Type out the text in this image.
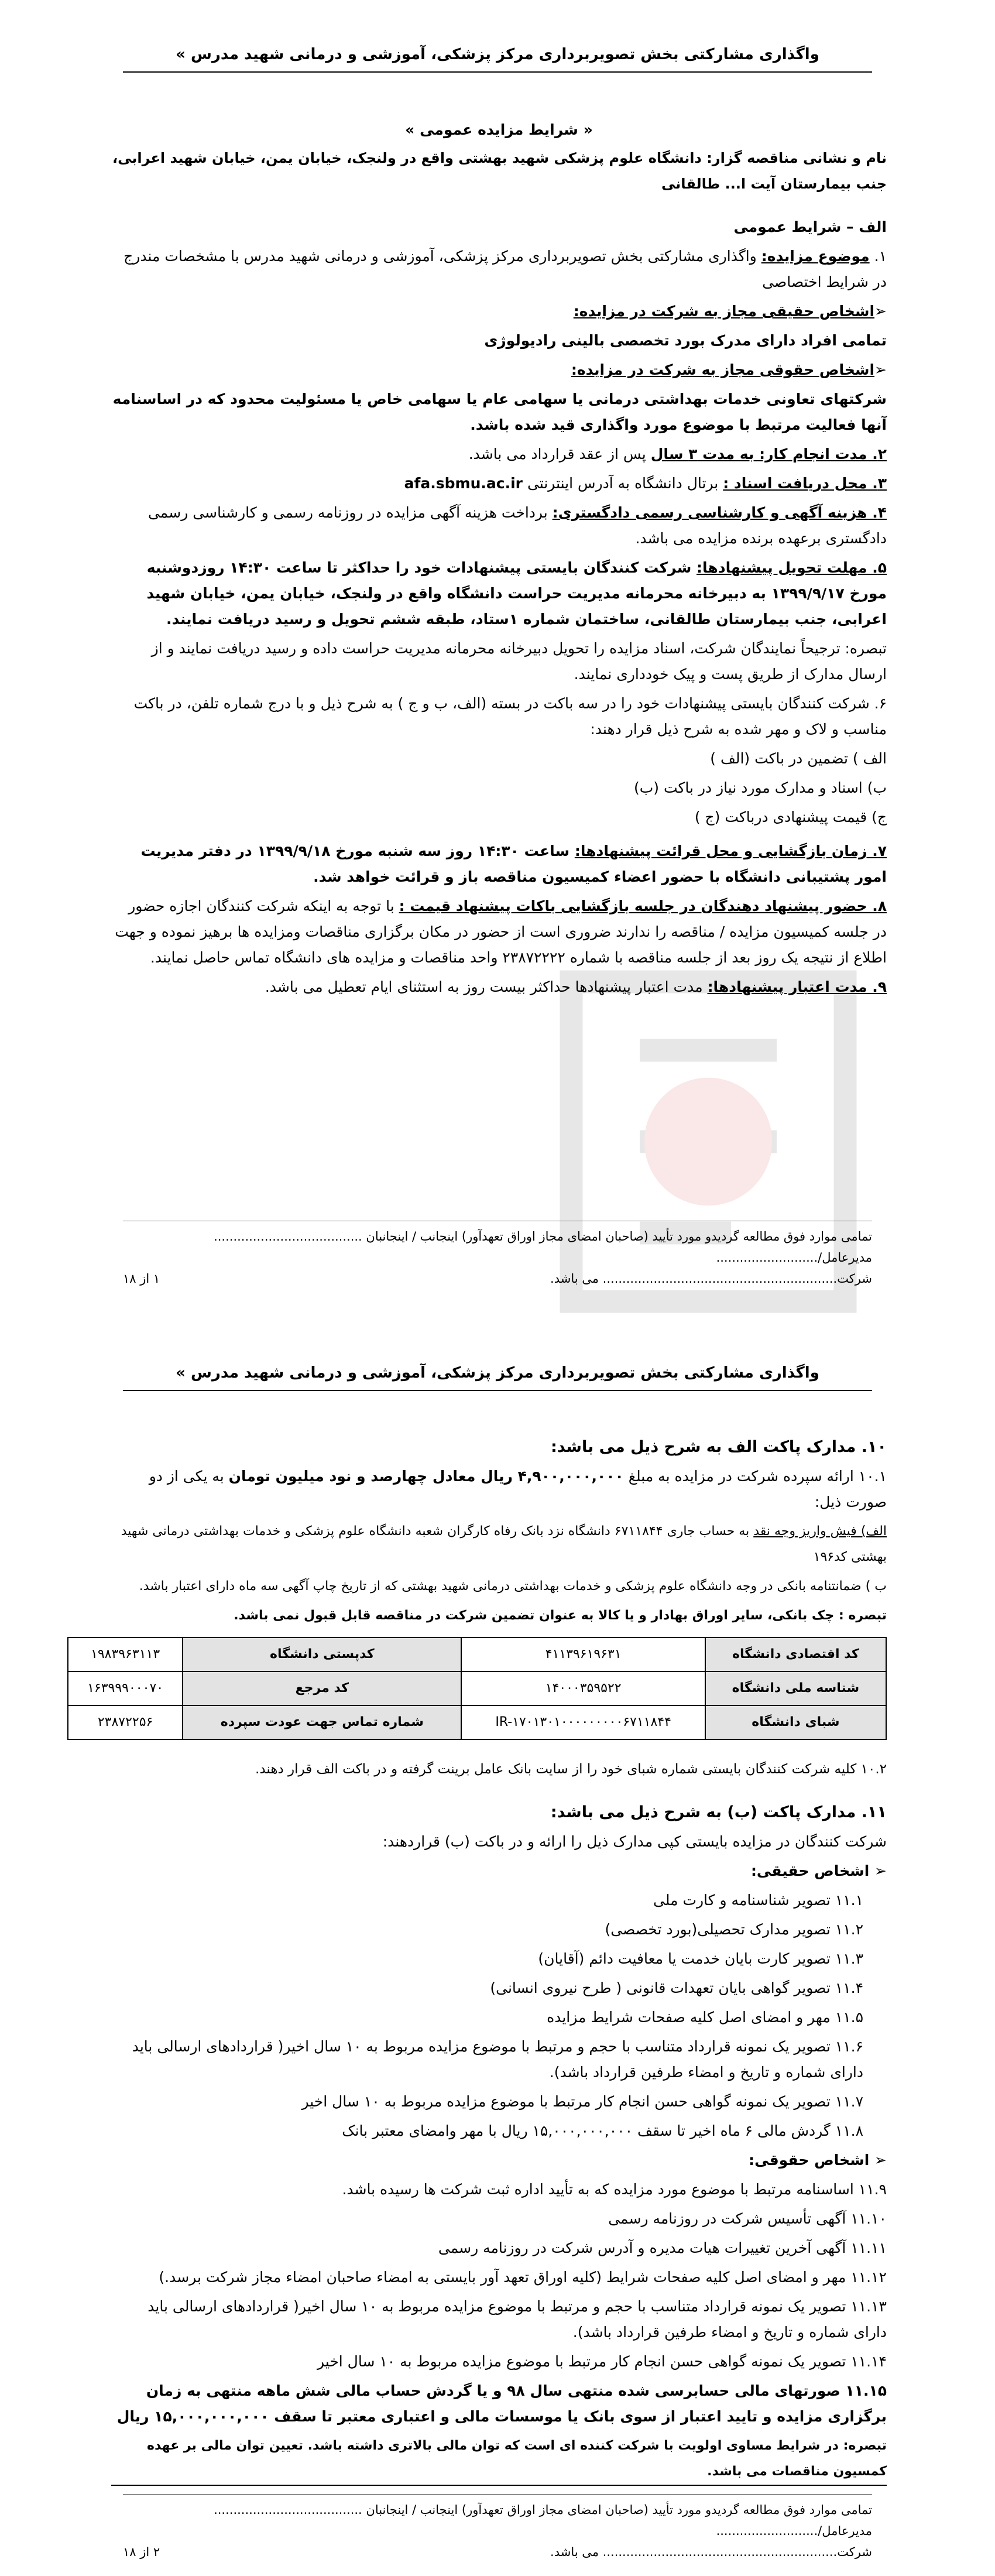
واگذاری مشارکتی بخش تصویربرداری مرکز پزشکی، آموزشی و درمانی شهید مدرس »

« شرایط مزایده عمومی »

نام و نشانی مناقصه گزار: دانشگاه علوم پزشکی شهید بهشتی واقع در ولنجک، خیابان یمن، خیابان شهید اعرابی، جنب بیمارستان آیت ا... طالقانی

الف – شرایط عمومی

۱. موضوع مزایده: واگذاری مشارکتی بخش تصویربرداری مرکز پزشکی، آموزشی و درمانی شهید مدرس با مشخصات مندرج در شرایط اختصاصی

➢اشخاص حقیقی مجاز به شرکت در مزایده:

تمامی افراد دارای مدرک بورد تخصصی بالینی رادیولوژی

➢اشخاص حقوقی مجاز به شرکت در مزایده:

شرکتهای تعاونی خدمات بهداشتی درمانی یا سهامی عام یا سهامی خاص یا مسئولیت محدود که در اساسنامه آنها فعالیت مرتبط با موضوع مورد واگذاری قید شده باشد.

۲. مدت انجام کار: به مدت ۳ سال پس از عقد قرارداد می باشد.

۳. محل دریافت اسناد : برتال دانشگاه به آدرس اینترنتی afa.sbmu.ac.ir

۴. هزینه آگهی و کارشناسی رسمی دادگستری: برداخت هزینه آگهی مزایده در روزنامه رسمی و کارشناسی رسمی دادگستری برعهده برنده مزایده می باشد.

۵. مهلت تحویل پیشنهادها: شرکت کنندگان بایستی پیشنهادات خود را حداکثر تا ساعت ۱۴:۳۰ روزدوشنبه مورخ ۱۳۹۹/۹/۱۷ به دبیرخانه محرمانه مدیریت حراست دانشگاه واقع در ولنجک، خیابان یمن، خیابان شهید اعرابی، جنب بیمارستان طالقانی، ساختمان شماره ۱ستاد، طبقه ششم تحویل و رسید دریافت نمایند.

تبصره: ترجیحاً نمایندگان شرکت، اسناد مزایده را تحویل دبیرخانه محرمانه مدیریت حراست داده و رسید دریافت نمایند و از ارسال مدارک از طریق پست و پیک خودداری نمایند.

۶. شرکت کنندگان بایستی پیشنهادات خود را در سه باکت در بسته (الف، ب و ج ) به شرح ذیل و با درج شماره تلفن، در باکت مناسب و لاک و مهر شده به شرح ذیل قرار دهند:

الف ) تضمین در باکت (الف )

ب) اسناد و مدارک مورد نیاز در باکت (ب)

ج) قیمت پیشنهادی درباکت (ج )

۷. زمان بازگشایی و محل قرائت پیشنهادها: ساعت ۱۴:۳۰ روز سه شنبه مورخ ۱۳۹۹/۹/۱۸ در دفتر مدیریت امور پشتیبانی دانشگاه با حضور اعضاء کمیسیون مناقصه باز و قرائت خواهد شد.

۸. حضور پیشنهاد دهندگان در جلسه بازگشایی باکات پیشنهاد قیمت : با توجه به اینکه شرکت کنندگان اجازه حضور در جلسه کمیسیون مزایده / مناقصه را ندارند ضروری است از حضور در مکان برگزاری مناقصات ومزایده ها برهیز نموده و جهت اطلاع از نتیجه یک روز بعد از جلسه مناقصه با شماره ۲۳۸۷۲۲۲۲ واحد مناقصات و مزایده های دانشگاه تماس حاصل نمایند.

۹. مدت اعتبار پیشنهادها: مدت اعتبار پیشنهادها حداکثر بیست روز به استثنای ایام تعطیل می باشد.

تمامی موارد فوق مطالعه گردیدو مورد تأیید (صاحبان امضای مجاز اوراق تعهدآور) اینجانب / اینجانبان ...................................... مدیرعامل/..........................
شرکت............................................................ می باشد.
۱ از ۱۸
واگذاری مشارکتی بخش تصویربرداری مرکز پزشکی، آموزشی و درمانی شهید مدرس »

۱۰. مدارک پاکت الف به شرح ذیل می باشد:

۱۰.۱ ارائه سپرده شرکت در مزایده به مبلغ ۴,۹۰۰,۰۰۰,۰۰۰ ریال معادل چهارصد و نود میلیون تومان به یکی از دو صورت ذیل:

الف) فیش واریز وجه نقد به حساب جاری ۶۷۱۱۸۴۴ دانشگاه نزد بانک رفاه کارگران شعبه دانشگاه علوم پزشکی و خدمات بهداشتی درمانی شهید بهشتی کد۱۹۶

ب ) ضمانتنامه بانکی در وجه دانشگاه علوم پزشکی و خدمات بهداشتی درمانی شهید بهشتی که از تاریخ چاپ آگهی سه ماه دارای اعتبار باشد.

تبصره : چک بانکی، سایر اوراق بهادار و یا کالا به عنوان تضمین شرکت در مناقصه قابل قبول نمی باشد.

کد اقتصادی دانشگاه	۴۱۱۳۹۶۱۹۶۳۱	کدپستی دانشگاه	۱۹۸۳۹۶۳۱۱۳
شناسه ملی دانشگاه	۱۴۰۰۰۳۵۹۵۲۲	کد مرجع	۱۶۳۹۹۹۰۰۰۷۰
شبای دانشگاه	IR-۱۷۰۱۳۰۱۰۰۰۰۰۰۰۰۰۶۷۱۱۸۴۴	شماره تماس جهت عودت سپرده	۲۳۸۷۲۲۵۶

۱۰.۲ کلیه شرکت کنندگان بایستی شماره شبای خود را از سایت بانک عامل برینت گرفته و در باکت الف قرار دهند.

۱۱. مدارک پاکت (ب) به شرح ذیل می باشد:

شرکت کنندگان در مزایده بایستی کپی مدارک ذیل را ارائه و در باکت (ب) قراردهند:

➢ اشخاص حقیقی:

۱۱.۱ تصویر شناسنامه و کارت ملی

۱۱.۲ تصویر مدارک تحصیلی(بورد تخصصی)

۱۱.۳ تصویر کارت بایان خدمت یا معافیت دائم (آقایان)

۱۱.۴ تصویر گواهی بایان تعهدات قانونی ( طرح نیروی انسانی)

۱۱.۵ مهر و امضای اصل کلیه صفحات شرایط مزایده

۱۱.۶ تصویر یک نمونه قرارداد متناسب با حجم و مرتبط با موضوع مزایده مربوط به ۱۰ سال اخیر( قراردادهای ارسالی باید دارای شماره و تاریخ و امضاء طرفین قرارداد باشد).

۱۱.۷ تصویر یک نمونه گواهی حسن انجام کار مرتبط با موضوع مزایده مربوط به ۱۰ سال اخیر

۱۱.۸ گردش مالی ۶ ماه اخیر تا سقف ۱۵,۰۰۰,۰۰۰,۰۰۰ ریال با مهر وامضای معتبر بانک

➢ اشخاص حقوقی:

۱۱.۹ اساسنامه مرتبط با موضوع مورد مزایده که به تأیید اداره ثبت شرکت ها رسیده باشد.

۱۱.۱۰ آگهی تأسیس شرکت در روزنامه رسمی

۱۱.۱۱ آگهی آخرین تغییرات هیات مدیره و آدرس شرکت در روزنامه رسمی

۱۱.۱۲ مهر و امضای اصل کلیه صفحات شرایط (کلیه اوراق تعهد آور بایستی به امضاء صاحبان امضاء مجاز شرکت برسد.)

۱۱.۱۳ تصویر یک نمونه قرارداد متناسب با حجم و مرتبط با موضوع مزایده مربوط به ۱۰ سال اخیر( قراردادهای ارسالی باید دارای شماره و تاریخ و امضاء طرفین قرارداد باشد).

۱۱.۱۴ تصویر یک نمونه گواهی حسن انجام کار مرتبط با موضوع مزایده مربوط به ۱۰ سال اخیر

۱۱.۱۵ صورتهای مالی حسابرسی شده منتهی سال ۹۸ و یا گردش حساب مالی شش ماهه منتهی به زمان برگزاری مزایده و تایید اعتبار از سوی بانک یا موسسات مالی و اعتباری معتبر تا سقف ۱۵,۰۰۰,۰۰۰,۰۰۰ ریال

تبصره: در شرایط مساوی اولویت با شرکت کننده ای است که توان مالی بالاتری داشته باشد. تعیین توان مالی بر عهده کمسیون مناقصات می باشد.

تمامی موارد فوق مطالعه گردیدو مورد تأیید (صاحبان امضای مجاز اوراق تعهدآور) اینجانب / اینجانبان ...................................... مدیرعامل/..........................
شرکت............................................................ می باشد.
۲ از ۱۸
